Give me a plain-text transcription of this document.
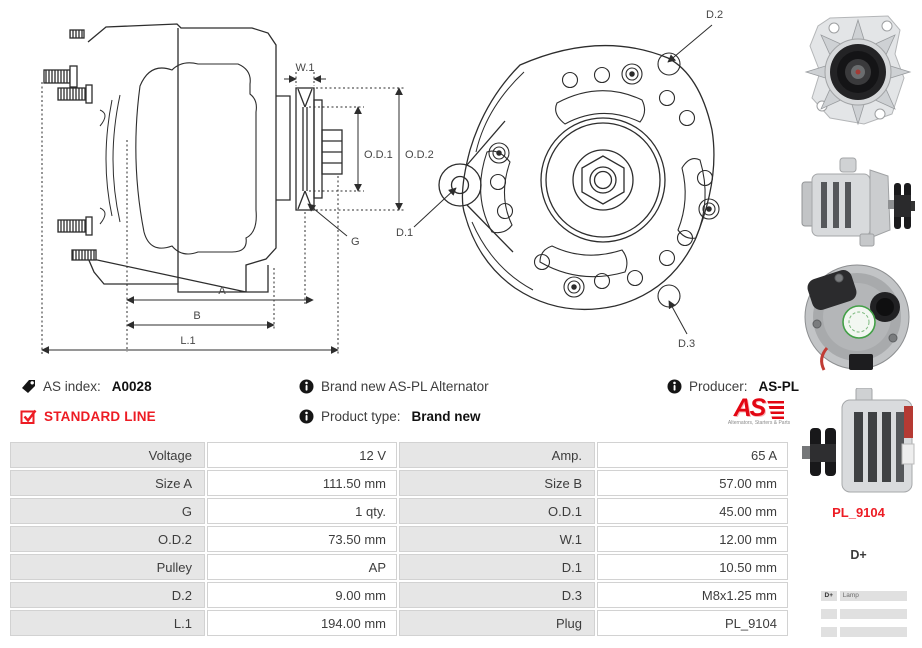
W.1
O.D.1 O.D.2
G
A
B
L.1
D.2
D.1
D.3
AS index: A0028	Brand new AS-PL Alternator	Producer: AS-PL
STANDARD LINE	Product type: Brand new	AS
Alternators, Starters & Parts
Voltage	12 V	Amp.	65 A
Size A	111.50 mm	Size B	57.00 mm
G	1 qty.	O.D.1	45.00 mm
O.D.2	73.50 mm	W.1	12.00 mm
Pulley	AP	D.1	10.50 mm
D.2	9.00 mm	D.3	M8x1.25 mm
L.1	194.00 mm	Plug	PL_9104
PL_9104
D+
D+	Lamp
